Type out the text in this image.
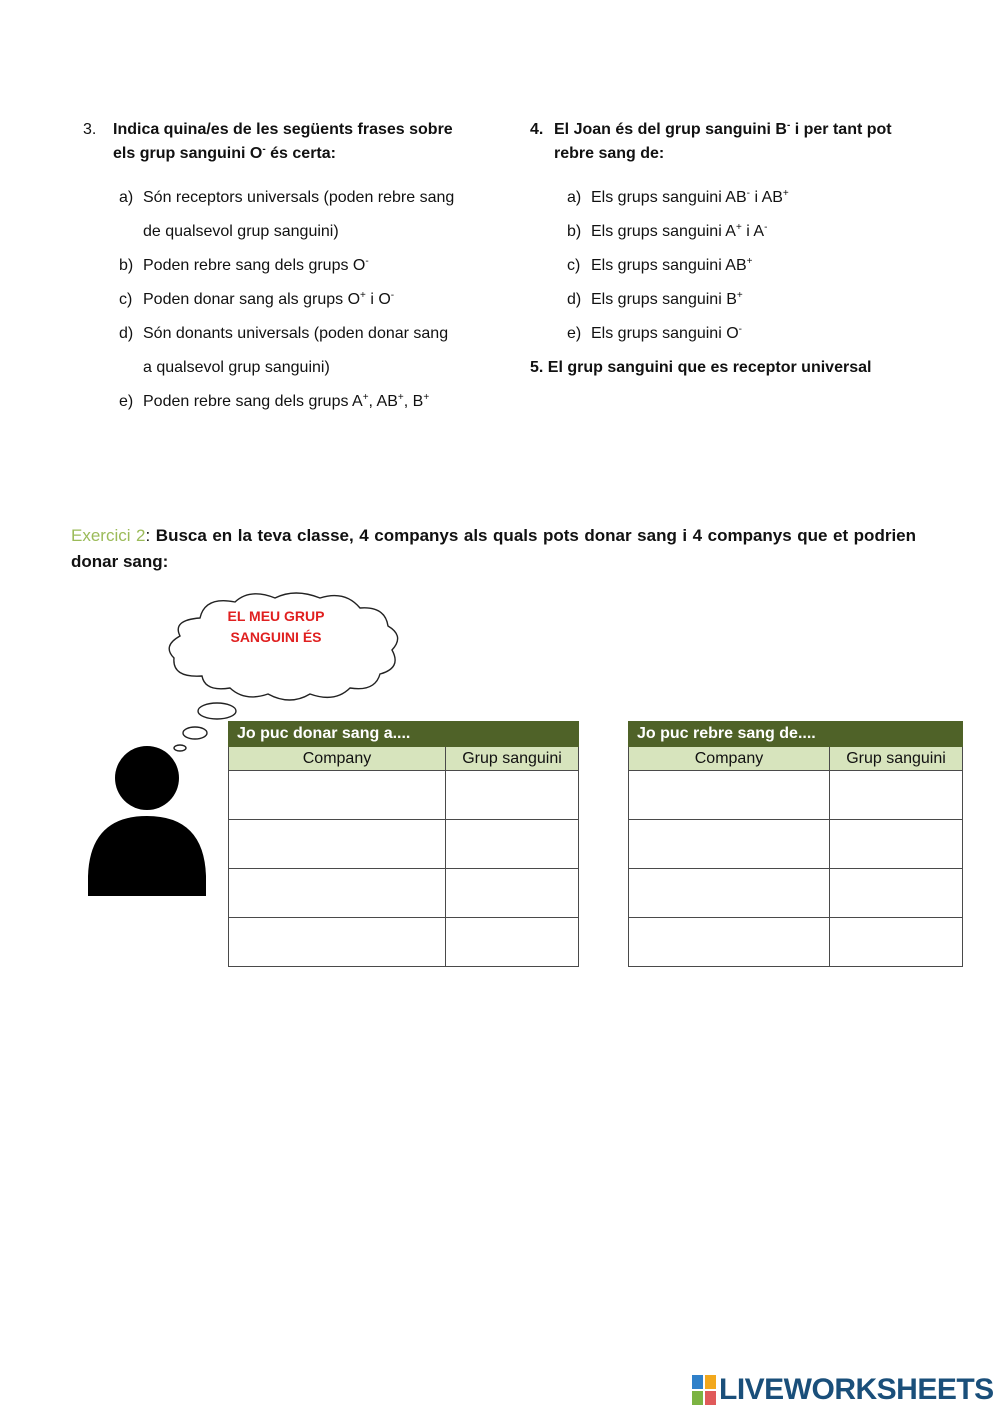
3. Indica quina/es de les següents frases sobre
els grup sanguini O- és certa:
a) Són receptors universals (poden rebre sang
de qualsevol grup sanguini)
b) Poden rebre sang dels grups O-
c) Poden donar sang als grups O+ i O-
d) Són donants universals (poden donar sang
a qualsevol grup sanguini)
e) Poden rebre sang dels grups A+, AB+, B+
4. El Joan és del grup sanguini B- i per tant pot
rebre sang de:
a) Els grups sanguini AB- i AB+
b) Els grups sanguini A+ i A-
c) Els grups sanguini AB+
d) Els grups sanguini B+
e) Els grups sanguini O-
5. El grup sanguini que es receptor universal
Exercici 2: Busca en la teva classe, 4 companys als quals pots donar sang i 4 companys que et podrien donar sang:
EL MEU GRUP
SANGUINI ÉS
Jo puc donar sang a....	
Company	Grup sanguini

Jo puc rebre sang de....	
Company	Grup sanguini

LIVEWORKSHEETS
